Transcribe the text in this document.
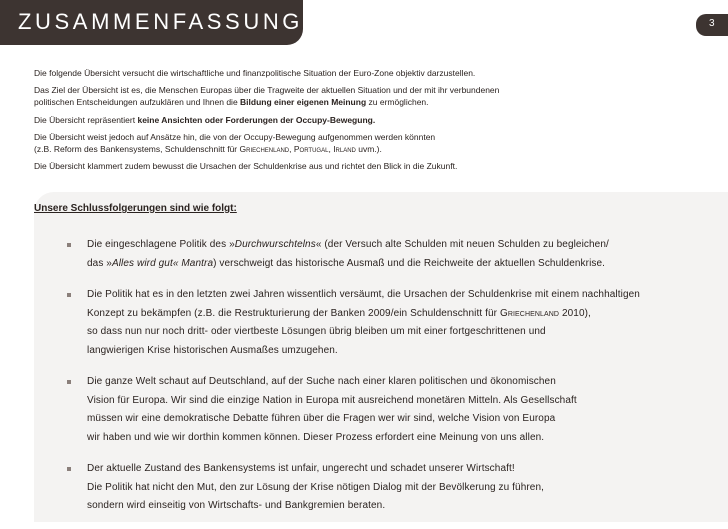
ZUSAMMENFASSUNG	3

Die folgende Übersicht versucht die wirtschaftliche und finanzpolitische Situation der Euro-Zone objektiv darzustellen.

Das Ziel der Übersicht ist es, die Menschen Europas über die Tragweite der aktuellen Situation und der mit ihr verbundenen
politischen Entscheidungen aufzuklären und Ihnen die Bildung einer eigenen Meinung zu ermöglichen.

Die Übersicht repräsentiert keine Ansichten oder Forderungen der Occupy-Bewegung.

Die Übersicht weist jedoch auf Ansätze hin, die von der Occupy-Bewegung aufgenommen werden könnten
(z.B. Reform des Bankensystems, Schuldenschnitt für Griechenland, Portugal, Irland uvm.).

Die Übersicht klammert zudem bewusst die Ursachen der Schuldenkrise aus und richtet den Blick in die Zukunft.

Unsere Schlussfolgerungen sind wie folgt:
Die eingeschlagene Politik des »Durchwurschtelns« (der Versuch alte Schulden mit neuen Schulden zu begleichen/
das »Alles wird gut« Mantra) verschweigt das historische Ausmaß und die Reichweite der aktuellen Schuldenkrise.
Die Politik hat es in den letzten zwei Jahren wissentlich versäumt, die Ursachen der Schuldenkrise mit einem nachhaltigen
Konzept zu bekämpfen (z.B. die Restrukturierung der Banken 2009/ein Schuldenschnitt für Griechenland 2010),
so dass nun nur noch dritt- oder viertbeste Lösungen übrig bleiben um mit einer fortgeschrittenen und
langwierigen Krise historischen Ausmaßes umzugehen.
Die ganze Welt schaut auf Deutschland, auf der Suche nach einer klaren politischen und ökonomischen
Vision für Europa. Wir sind die einzige Nation in Europa mit ausreichend monetären Mitteln. Als Gesellschaft
müssen wir eine demokratische Debatte führen über die Fragen wer wir sind, welche Vision von Europa
wir haben und wie wir dorthin kommen können. Dieser Prozess erfordert eine Meinung von uns allen.
Der aktuelle Zustand des Bankensystems ist unfair, ungerecht und schadet unserer Wirtschaft!
Die Politik hat nicht den Mut, den zur Lösung der Krise nötigen Dialog mit der Bevölkerung zu führen,
sondern wird einseitig von Wirtschafts- und Bankgremien beraten.
